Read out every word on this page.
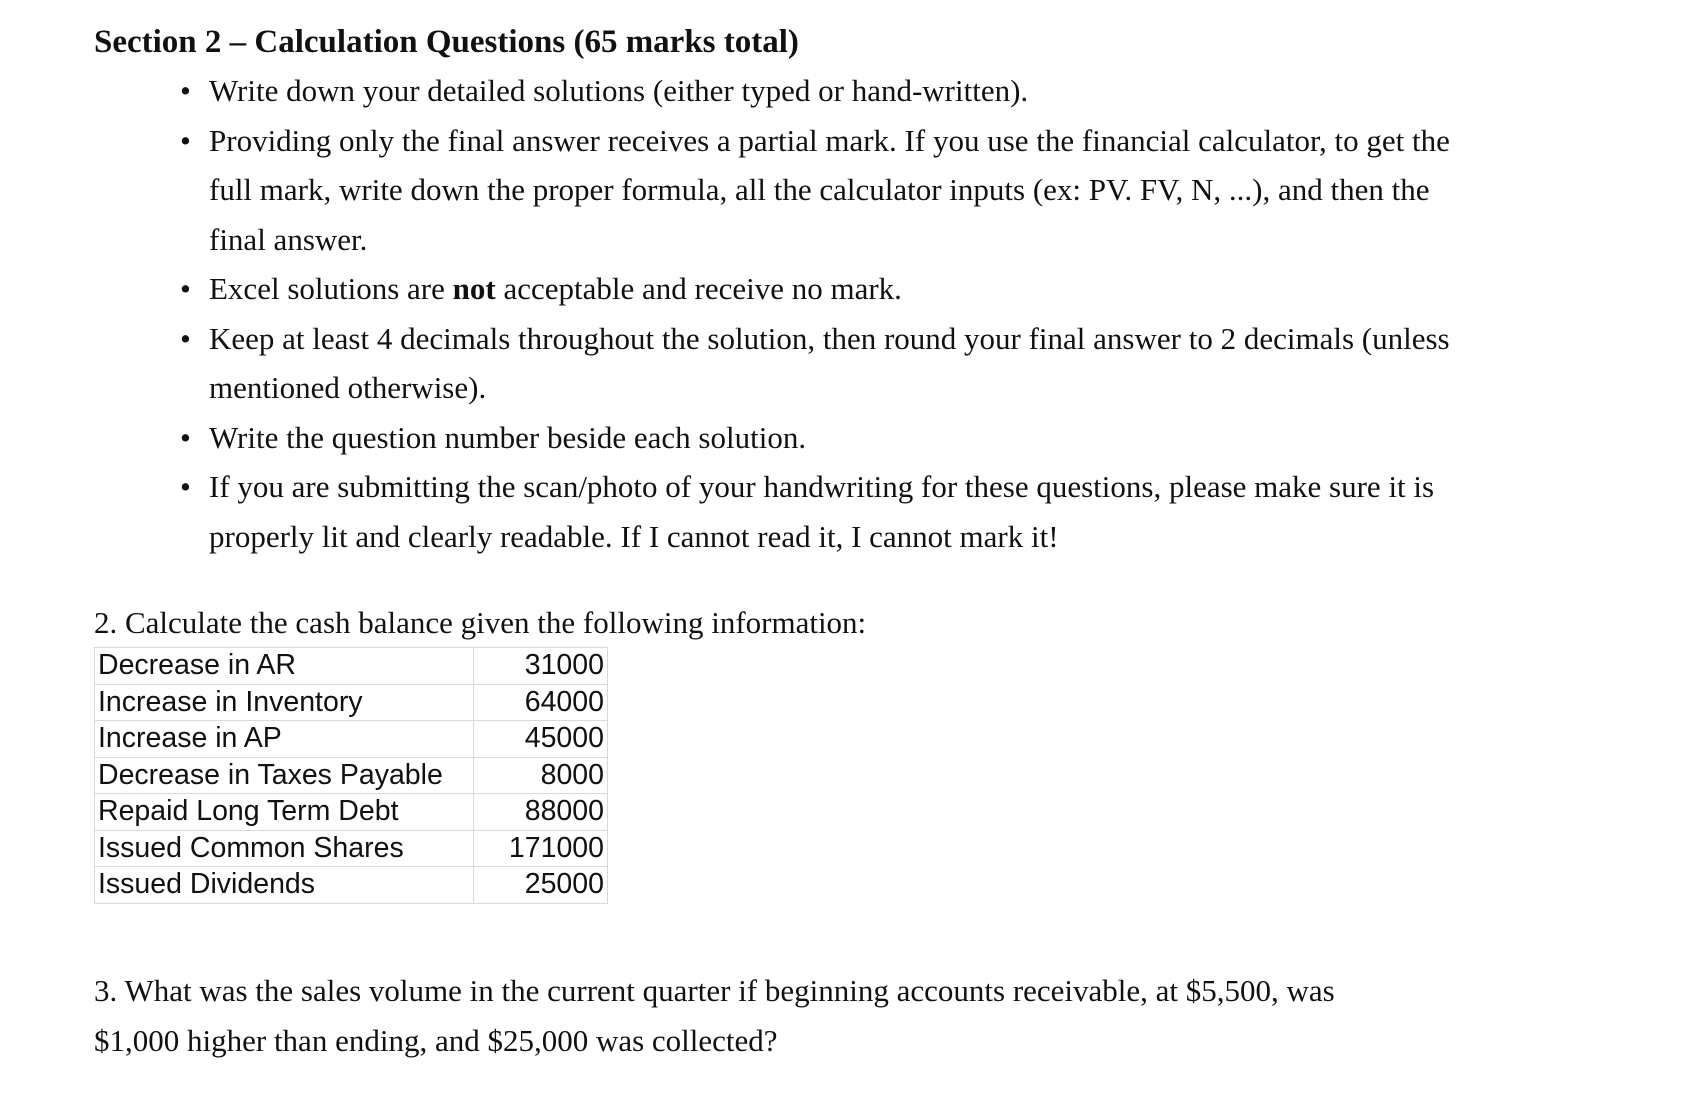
Section 2 – Calculation Questions (65 marks total)
• Write down your detailed solutions (either typed or hand-written).
• Providing only the final answer receives a partial mark. If you use the financial calculator, to get the
full mark, write down the proper formula, all the calculator inputs (ex: PV. FV, N, ...), and then the
final answer.
• Excel solutions are not acceptable and receive no mark.
• Keep at least 4 decimals throughout the solution, then round your final answer to 2 decimals (unless
mentioned otherwise).
• Write the question number beside each solution.
• If you are submitting the scan/photo of your handwriting for these questions, please make sure it is
properly lit and clearly readable. If I cannot read it, I cannot mark it!
2. Calculate the cash balance given the following information:
Decrease in AR	31000
Increase in Inventory	64000
Increase in AP	45000
Decrease in Taxes Payable	8000
Repaid Long Term Debt	88000
Issued Common Shares	171000
Issued Dividends	25000
3. What was the sales volume in the current quarter if beginning accounts receivable, at $5,500, was
$1,000 higher than ending, and $25,000 was collected?
